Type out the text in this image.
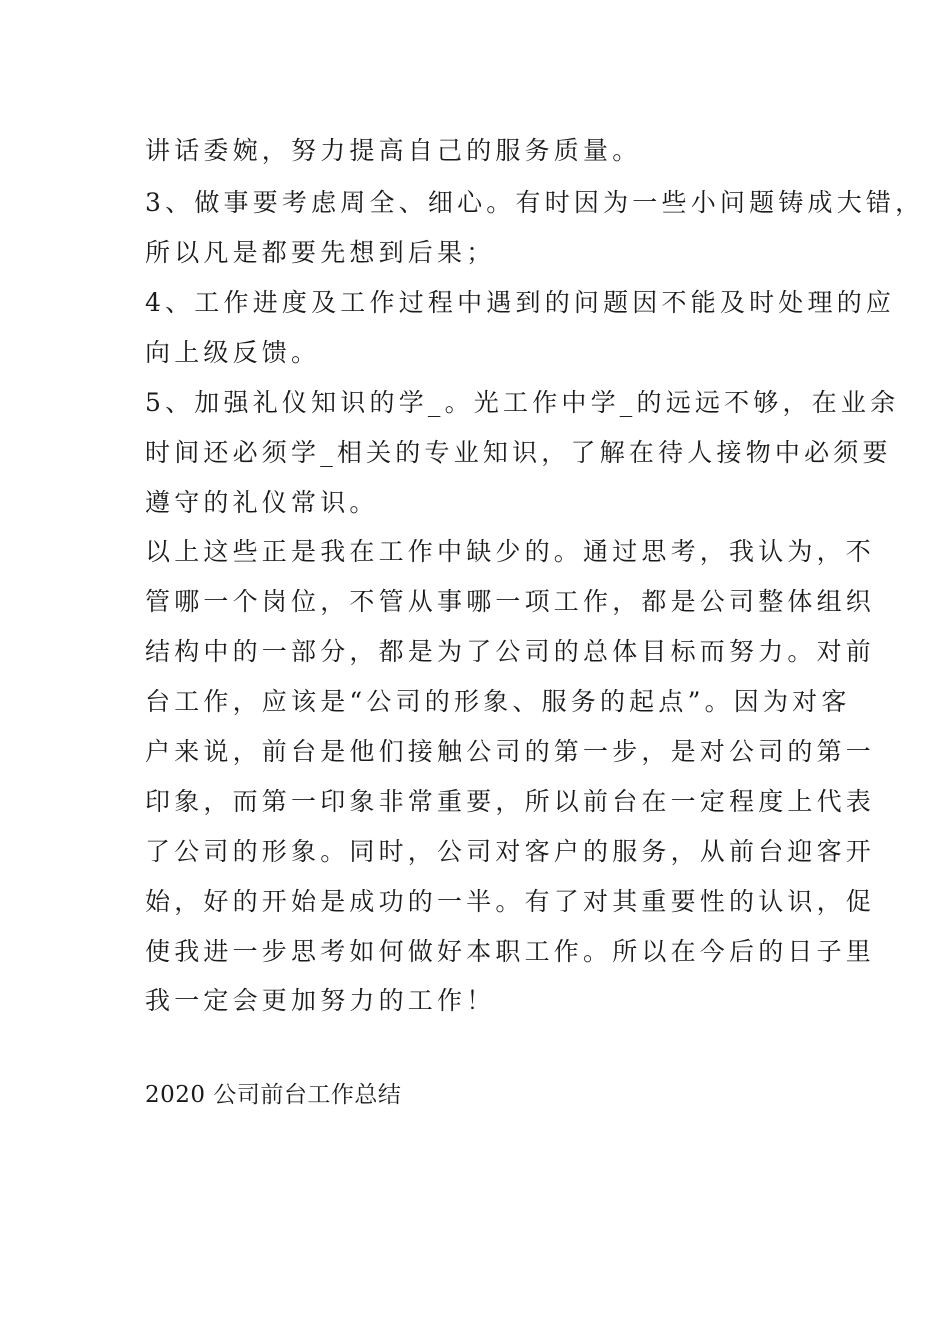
讲话委婉，努力提高自己的服务质量。
3、做事要考虑周全、细心。有时因为一些小问题铸成大错，
所以凡是都要先想到后果；
4、工作进度及工作过程中遇到的问题因不能及时处理的应
向上级反馈。
5、加强礼仪知识的学_。光工作中学_的远远不够，在业余
时间还必须学_相关的专业知识，了解在待人接物中必须要
遵守的礼仪常识。
以上这些正是我在工作中缺少的。通过思考，我认为，不
管哪一个岗位，不管从事哪一项工作，都是公司整体组织
结构中的一部分，都是为了公司的总体目标而努力。对前
台工作，应该是“公司的形象、服务的起点”。因为对客
户来说，前台是他们接触公司的第一步，是对公司的第一
印象，而第一印象非常重要，所以前台在一定程度上代表
了公司的形象。同时，公司对客户的服务，从前台迎客开
始，好的开始是成功的一半。有了对其重要性的认识，促
使我进一步思考如何做好本职工作。所以在今后的日子里
我一定会更加努力的工作！
2020 公司前台工作总结
